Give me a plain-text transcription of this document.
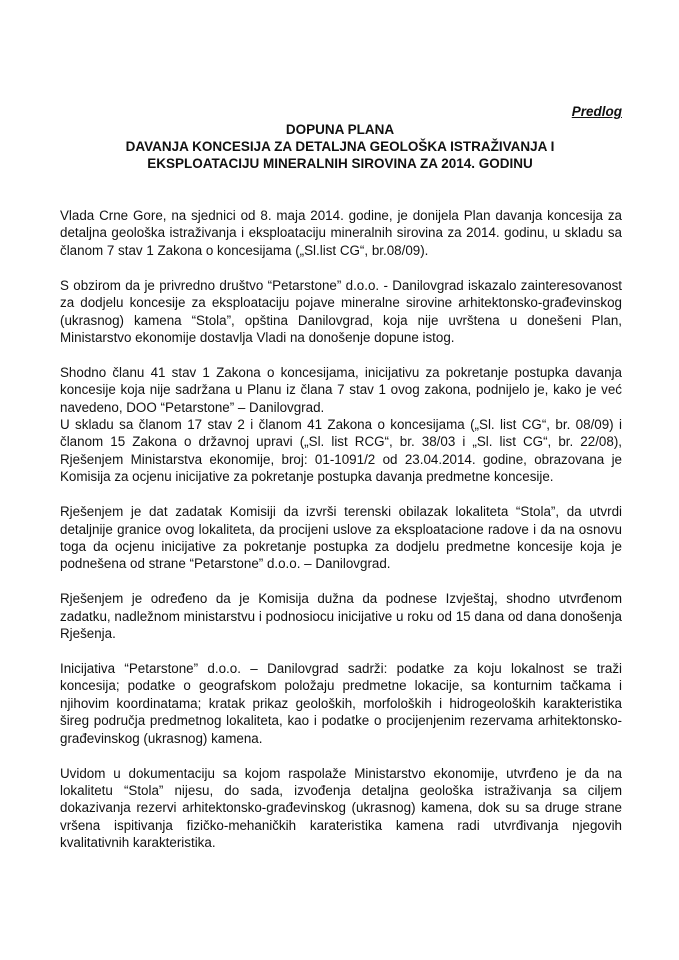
Predlog
DOPUNA PLANA
DAVANJA KONCESIJA ZA DETALJNA GEOLOŠKA ISTRAŽIVANJA I
EKSPLOATACIJU MINERALNIH SIROVINA ZA 2014. GODINU

Vlada Crne Gore, na sjednici od 8. maja 2014. godine, je donijela Plan davanja koncesija za detaljna geološka istraživanja i eksploataciju mineralnih sirovina za 2014. godinu, u skladu sa članom 7 stav 1 Zakona o koncesijama („Sl.list CG“, br.08/09).

S obzirom da je privredno društvo “Petarstone” d.o.o. - Danilovgrad iskazalo zainteresovanost za dodjelu koncesije za eksploataciju pojave mineralne sirovine arhitektonsko-građevinskog (ukrasnog) kamena “Stola”, opština Danilovgrad, koja nije uvrštena u donešeni Plan, Ministarstvo ekonomije dostavlja Vladi na donošenje dopune istog.

Shodno članu 41 stav 1 Zakona o koncesijama, inicijativu za pokretanje postupka davanja koncesije koja nije sadržana u Planu iz člana 7 stav 1 ovog zakona, podnijelo je, kako je već navedeno, DOO “Petarstone” – Danilovgrad.

U skladu sa članom 17 stav 2 i članom 41 Zakona o koncesijama („Sl. list CG“, br. 08/09) i članom 15 Zakona o državnoj upravi („Sl. list RCG“, br. 38/03 i „Sl. list CG“, br. 22/08), Rješenjem Ministarstva ekonomije, broj: 01-1091/2 od 23.04.2014. godine, obrazovana je Komisija za ocjenu inicijative za pokretanje postupka davanja predmetne koncesije.

Rješenjem je dat zadatak Komisiji da izvrši terenski obilazak lokaliteta “Stola”, da utvrdi detaljnije granice ovog lokaliteta, da procijeni uslove za eksploatacione radove i da na osnovu toga da ocjenu inicijative za pokretanje postupka za dodjelu predmetne koncesije koja je podnešena od strane “Petarstone” d.o.o. – Danilovgrad.

Rješenjem je određeno da je Komisija dužna da podnese Izvještaj, shodno utvrđenom zadatku, nadležnom ministarstvu i podnosiocu inicijative u roku od 15 dana od dana donošenja Rješenja.

Inicijativa “Petarstone” d.o.o. – Danilovgrad sadrži: podatke za koju lokalnost se traži koncesija; podatke o geografskom položaju predmetne lokacije, sa konturnim tačkama i njihovim koordinatama; kratak prikaz geoloških, morfoloških i hidrogeoloških karakteristika šireg područja predmetnog lokaliteta, kao i podatke o procijenjenim rezervama arhitektonsko-građevinskog (ukrasnog) kamena.

Uvidom u dokumentaciju sa kojom raspolaže Ministarstvo ekonomije, utvrđeno je da na lokalitetu “Stola” nijesu, do sada, izvođenja detaljna geološka istraživanja sa ciljem dokazivanja rezervi arhitektonsko-građevinskog (ukrasnog) kamena, dok su sa druge strane vršena ispitivanja fizičko-mehaničkih karateristika kamena radi utvrđivanja njegovih kvalitativnih karakteristika.
